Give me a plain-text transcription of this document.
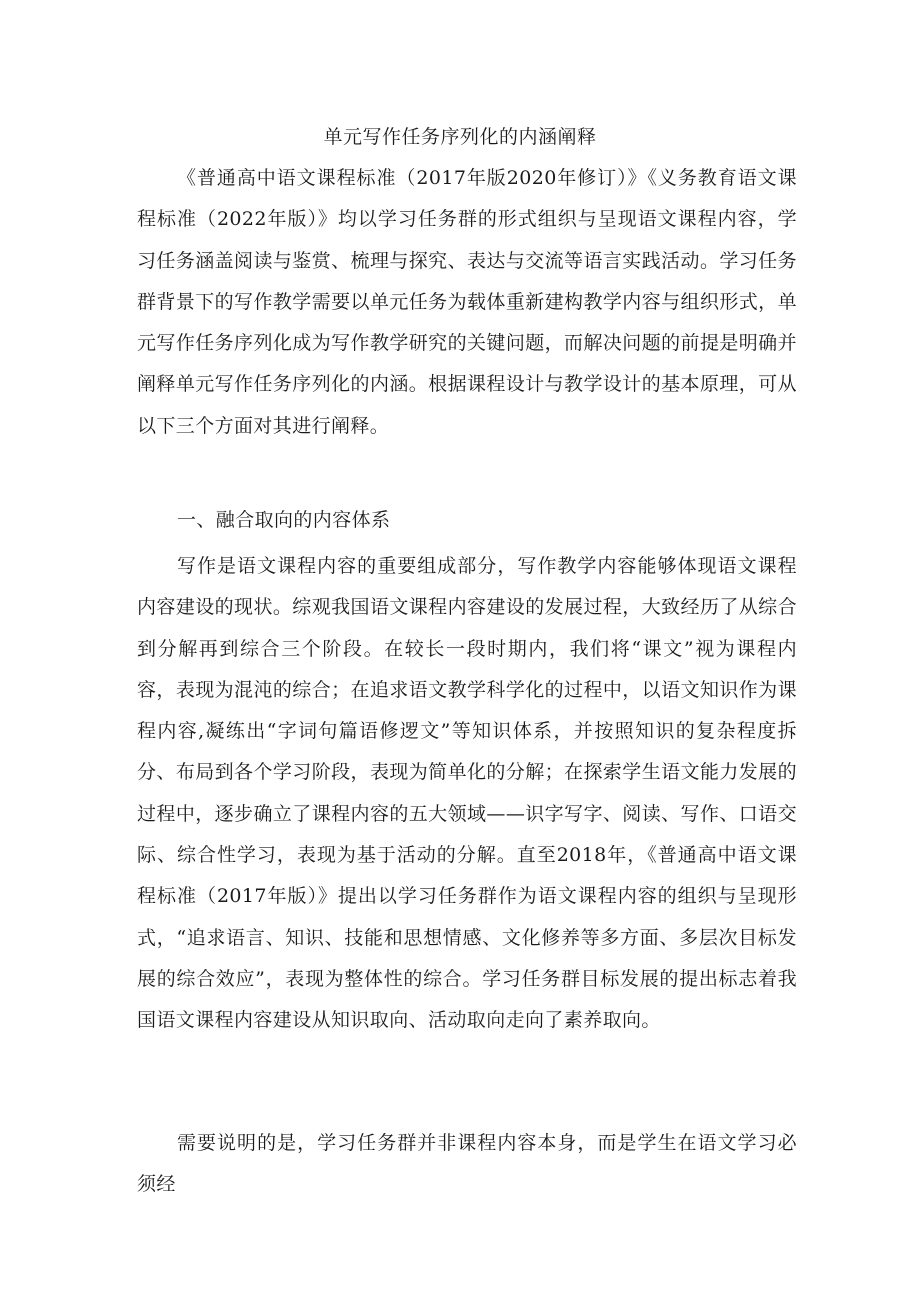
单元写作任务序列化的内涵阐释

《普通高中语文课程标准（2017年版2020年修订）》《义务教育语文课程标准（2022年版）》均以学习任务群的形式组织与呈现语文课程内容，学习任务涵盖阅读与鉴赏、梳理与探究、表达与交流等语言实践活动。学习任务群背景下的写作教学需要以单元任务为载体重新建构教学内容与组织形式，单元写作任务序列化成为写作教学研究的关键问题，而解决问题的前提是明确并阐释单元写作任务序列化的内涵。根据课程设计与教学设计的基本原理，可从以下三个方面对其进行阐释。

一、融合取向的内容体系

写作是语文课程内容的重要组成部分，写作教学内容能够体现语文课程内容建设的现状。综观我国语文课程内容建设的发展过程，大致经历了从综合到分解再到综合三个阶段。在较长一段时期内，我们将“课文”视为课程内容，表现为混沌的综合；在追求语文教学科学化的过程中，以语文知识作为课程内容,凝练出“字词句篇语修逻文”等知识体系，并按照知识的复杂程度拆分、布局到各个学习阶段，表现为简单化的分解；在探索学生语文能力发展的过程中，逐步确立了课程内容的五大领域——识字写字、阅读、写作、口语交际、综合性学习，表现为基于活动的分解。直至2018年，《普通高中语文课程标准（2017年版）》提出以学习任务群作为语文课程内容的组织与呈现形式，“追求语言、知识、技能和思想情感、文化修养等多方面、多层次目标发展的综合效应”，表现为整体性的综合。学习任务群目标发展的提出标志着我国语文课程内容建设从知识取向、活动取向走向了素养取向。

需要说明的是，学习任务群并非课程内容本身，而是学生在语文学习必须经
